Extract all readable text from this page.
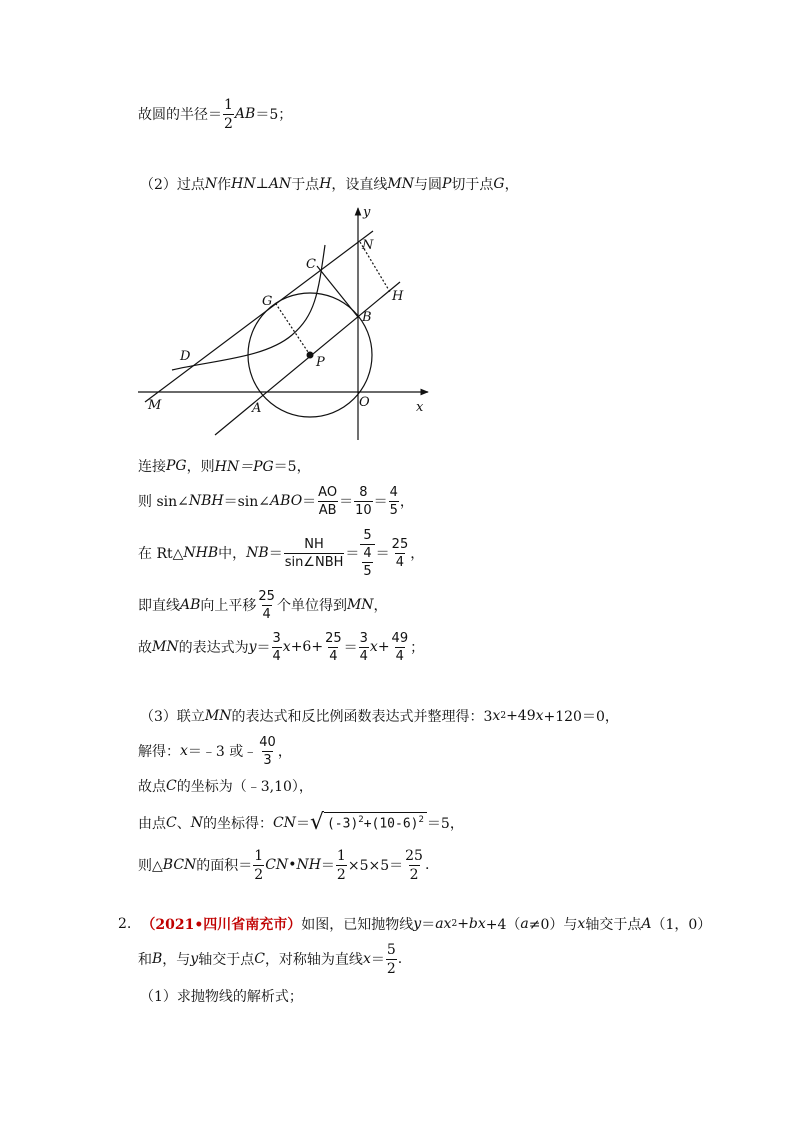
故圆的半径＝ $\frac{1}{2}$ AB ＝5；
（2）过点 N 作 HN ⊥ AN 于点 H ，设直线 MN 与圆 P 切于点 G ，
y
x
N
H
C
G
B
D	P
M	A	O
连接 PG ，则 HN＝PG ＝5，
则 sin∠ NBH ＝sin∠ ABO ＝ $\frac{AO}{AB} = \frac{8}{10} = \frac{4}{5}$ ，
在 Rt△ NHB 中， NB ＝ $\frac{NH}{\text{sin∠NBH}} = \frac{5}{\frac{4}{5}} = \frac{25}{4}$ ，
即直线 AB 向上平移 $\frac{25}{4}$ 个单位得到 MN ，
故 MN 的表达式为 $y = \frac{3}{4}$ $x +6+ \frac{25}{4} = \frac{3}{4}$ $x + \frac{49}{4}$ ；
（3）联立 MN 的表达式和反比例函数表达式并整理得：3 x 2 +49 x +120＝0，
解得： x ＝﹣3 或﹣ $\frac{40}{3}$ ，
故点 C 的坐标为（﹣3,10），
由点 C 、 N 的坐标得： CN ＝ √ $(-3)^2+(10-6)^2 =5$，
则△ BCN 的面积＝ $\frac{1}{2}$ CN • NH ＝ $\frac{1}{2} \times 5\times 5= \frac{25}{2}$ .
2. （2021•四川省南充市） 如图，已知抛物线 y ＝ ax 2 + bx +4（ a ≠0）与 x 轴交于点 A （1，0）
和 B ，与 y 轴交于点 C ，对称轴为直线 $x = \frac{5}{2}$ .
（1）求抛物线的解析式；
